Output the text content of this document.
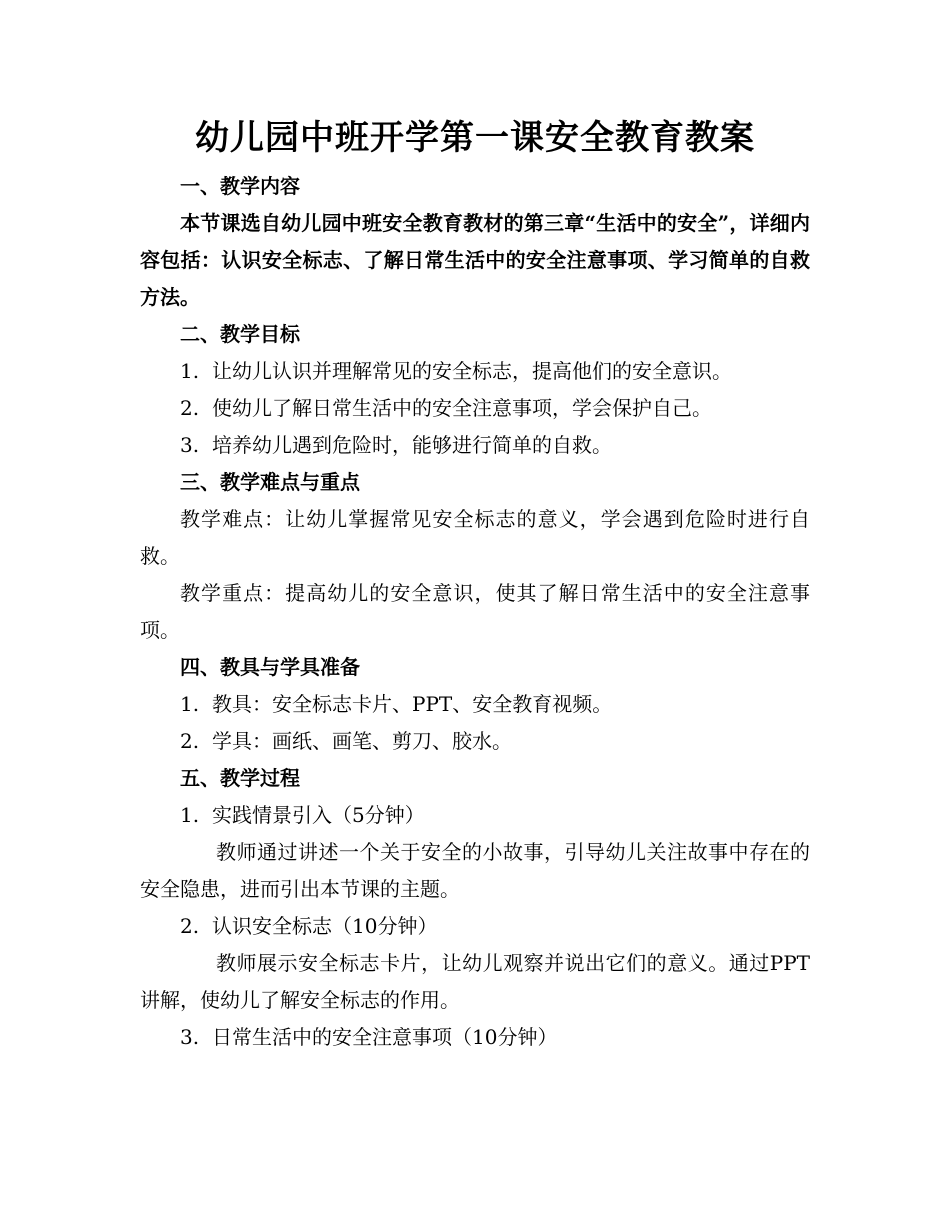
幼儿园中班开学第一课安全教育教案

一、教学内容

本节课选自幼儿园中班安全教育教材的第三章“生活中的安全”，详细内容包括：认识安全标志、了解日常生活中的安全注意事项、学习简单的自救方法。

二、教学目标

1. 让幼儿认识并理解常见的安全标志，提高他们的安全意识。

2. 使幼儿了解日常生活中的安全注意事项，学会保护自己。

3. 培养幼儿遇到危险时，能够进行简单的自救。

三、教学难点与重点

教学难点：让幼儿掌握常见安全标志的意义，学会遇到危险时进行自救。

教学重点：提高幼儿的安全意识，使其了解日常生活中的安全注意事项。

四、教具与学具准备

1. 教具：安全标志卡片、PPT、安全教育视频。

2. 学具：画纸、画笔、剪刀、胶水。

五、教学过程

1. 实践情景引入（5分钟）

教师通过讲述一个关于安全的小故事，引导幼儿关注故事中存在的安全隐患，进而引出本节课的主题。

2. 认识安全标志（10分钟）

教师展示安全标志卡片，让幼儿观察并说出它们的意义。通过PPT讲解，使幼儿了解安全标志的作用。

3. 日常生活中的安全注意事项（10分钟）
